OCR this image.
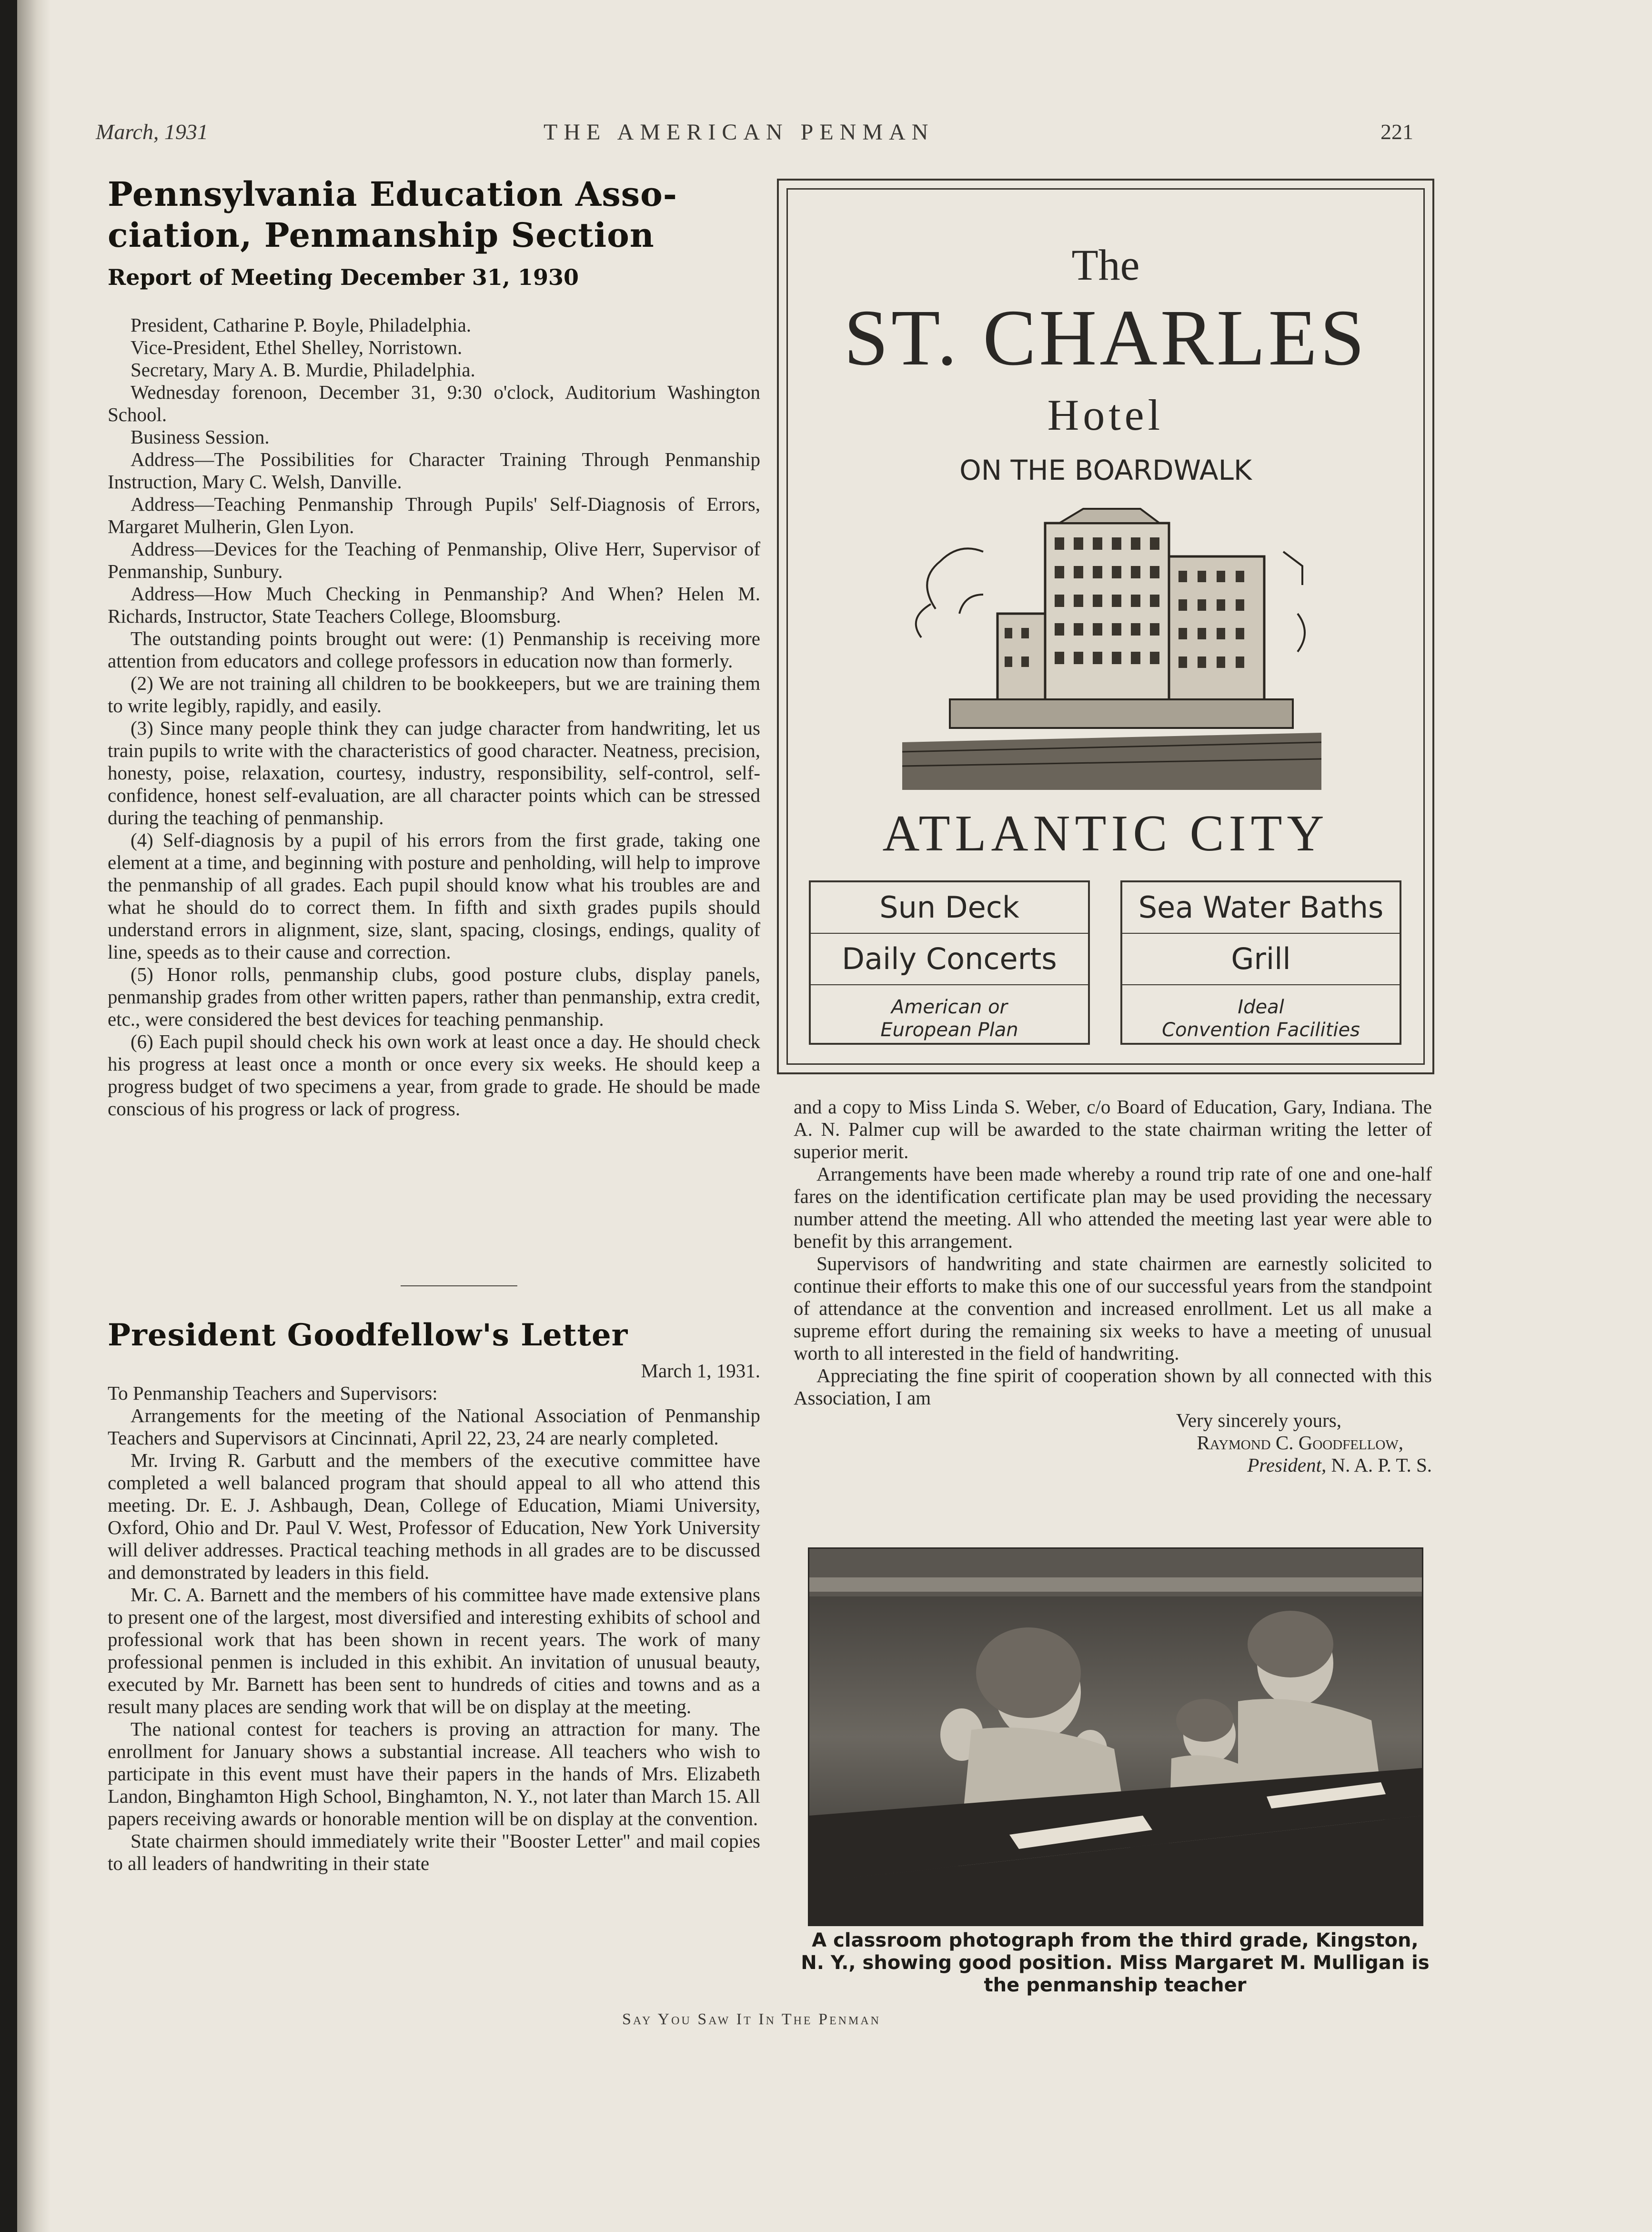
March, 1931	THE AMERICAN PENMAN	221
Pennsylvania Education Asso-
ciation, Penmanship Section
Report of Meeting December 31, 1930

President, Catharine P. Boyle, Philadelphia.

Vice-President, Ethel Shelley, Norristown.

Secretary, Mary A. B. Murdie, Philadelphia.

Wednesday forenoon, December 31, 9:30 o'clock, Auditorium Washington School.

Business Session.

Address—The Possibilities for Character Training Through Penmanship Instruction, Mary C. Welsh, Danville.

Address—Teaching Penmanship Through Pupils' Self-Diagnosis of Errors, Margaret Mulherin, Glen Lyon.

Address—Devices for the Teaching of Penmanship, Olive Herr, Supervisor of Penmanship, Sunbury.

Address—How Much Checking in Penmanship? And When? Helen M. Richards, Instructor, State Teachers College, Bloomsburg.

The outstanding points brought out were: (1) Penmanship is receiving more attention from educators and college professors in education now than formerly.

(2) We are not training all children to be bookkeepers, but we are training them to write legibly, rapidly, and easily.

(3) Since many people think they can judge character from handwriting, let us train pupils to write with the characteristics of good character. Neatness, precision, honesty, poise, relaxation, courtesy, industry, responsibility, self-control, self-confidence, honest self-evaluation, are all character points which can be stressed during the teaching of penmanship.

(4) Self-diagnosis by a pupil of his errors from the first grade, taking one element at a time, and beginning with posture and penholding, will help to improve the penmanship of all grades. Each pupil should know what his troubles are and what he should do to correct them. In fifth and sixth grades pupils should understand errors in alignment, size, slant, spacing, closings, endings, quality of line, speeds as to their cause and correction.

(5) Honor rolls, penmanship clubs, good posture clubs, display panels, penmanship grades from other written papers, rather than penmanship, extra credit, etc., were considered the best devices for teaching penmanship.

(6) Each pupil should check his own work at least once a day. He should check his progress at least once a month or once every six weeks. He should keep a progress budget of two specimens a year, from grade to grade. He should be made conscious of his progress or lack of progress.

President Goodfellow's Letter

March 1, 1931.

To Penmanship Teachers and Supervisors:

Arrangements for the meeting of the National Association of Penmanship Teachers and Supervisors at Cincinnati, April 22, 23, 24 are nearly completed.

Mr. Irving R. Garbutt and the members of the executive committee have completed a well balanced program that should appeal to all who attend this meeting. Dr. E. J. Ashbaugh, Dean, College of Education, Miami University, Oxford, Ohio and Dr. Paul V. West, Professor of Education, New York University will deliver addresses. Practical teaching methods in all grades are to be discussed and demonstrated by leaders in this field.

Mr. C. A. Barnett and the members of his committee have made extensive plans to present one of the largest, most diversified and interesting exhibits of school and professional work that has been shown in recent years. The work of many professional penmen is included in this exhibit. An invitation of unusual beauty, executed by Mr. Barnett has been sent to hundreds of cities and towns and as a result many places are sending work that will be on display at the meeting.

The national contest for teachers is proving an attraction for many. The enrollment for January shows a substantial increase. All teachers who wish to participate in this event must have their papers in the hands of Mrs. Elizabeth Landon, Binghamton High School, Binghamton, N. Y., not later than March 15. All papers receiving awards or honorable mention will be on display at the convention.

State chairmen should immediately write their "Booster Letter" and mail copies to all leaders of handwriting in their state

The
ST. CHARLES
Hotel
ON THE BOARDWALK
ATLANTIC CITY
Sun Deck
Daily Concerts
American or
European Plan
Sea Water Baths
Grill
Ideal
Convention Facilities

and a copy to Miss Linda S. Weber, c/o Board of Education, Gary, Indiana. The A. N. Palmer cup will be awarded to the state chairman writing the letter of superior merit.

Arrangements have been made whereby a round trip rate of one and one-half fares on the identification certificate plan may be used providing the necessary number attend the meeting. All who attended the meeting last year were able to benefit by this arrangement.

Supervisors of handwriting and state chairmen are earnestly solicited to continue their efforts to make this one of our successful years from the standpoint of attendance at the convention and increased enrollment. Let us all make a supreme effort during the remaining six weeks to have a meeting of unusual worth to all interested in the field of handwriting.

Appreciating the fine spirit of cooperation shown by all connected with this Association, I am

Very sincerely yours,

Raymond C. Goodfellow,

President, N. A. P. T. S.

A classroom photograph from the third grade, Kingston, N. Y., showing good position. Miss Margaret M. Mulligan is the penmanship teacher
Say You Saw It In The Penman
